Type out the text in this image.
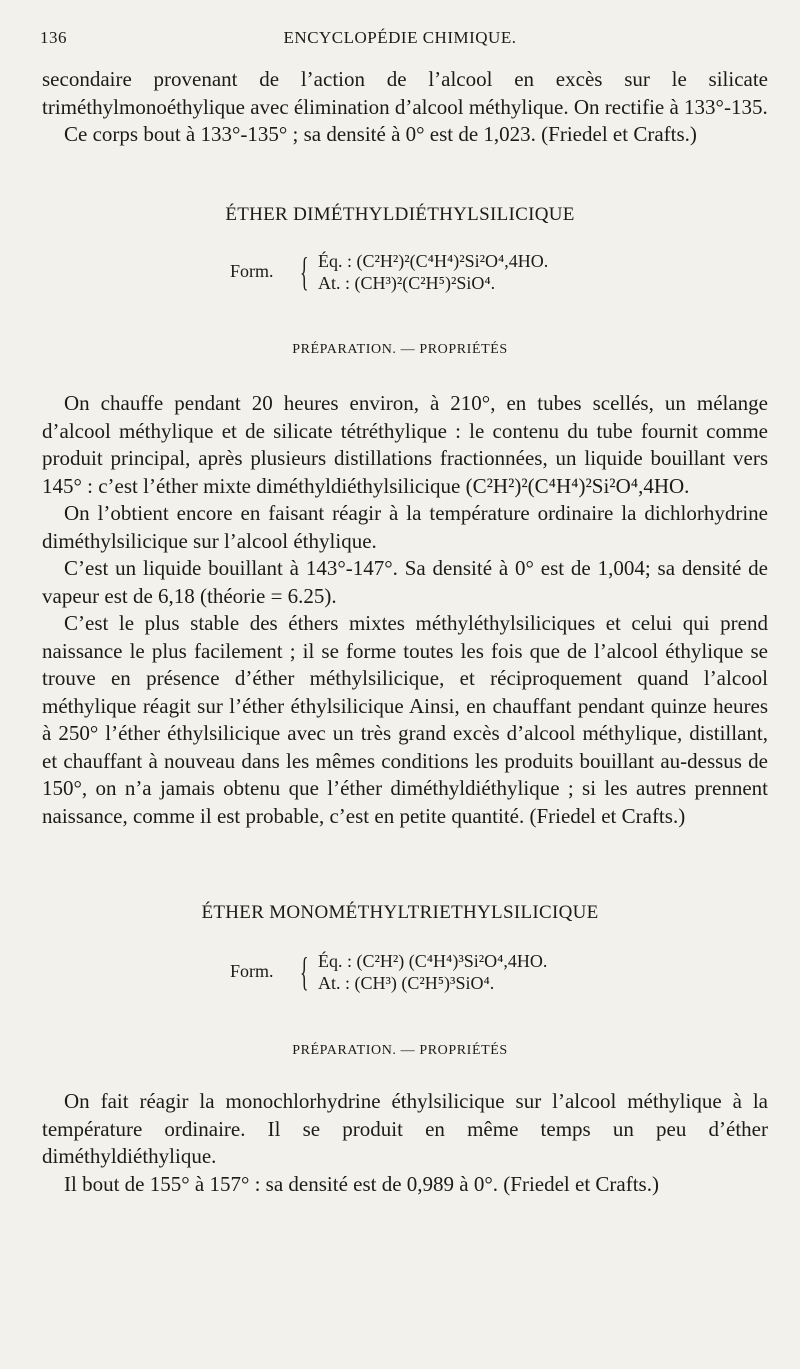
136	ENCYCLOPÉDIE CHIMIQUE.

secondaire provenant de l’action de l’alcool en excès sur le silicate triméthylmonoéthylique avec élimination d’alcool méthylique. On rectifie à 133°-135.

Ce corps bout à 133°-135° ; sa densité à 0° est de 1,023. (Friedel et Crafts.)

ÉTHER DIMÉTHYLDIÉTHYLSILICIQUE
Form. { Éq. : (C²H²)²(C⁴H⁴)²Si²O⁴,4HO.
At. : (CH³)²(C²H⁵)²SiO⁴.
PRÉPARATION. — PROPRIÉTÉS

On chauffe pendant 20 heures environ, à 210°, en tubes scellés, un mélange d’alcool méthylique et de silicate tétréthylique : le contenu du tube fournit comme produit principal, après plusieurs distillations fractionnées, un liquide bouillant vers 145° : c’est l’éther mixte diméthyldiéthylsilicique (C²H²)²(C⁴H⁴)²Si²O⁴,4HO.

On l’obtient encore en faisant réagir à la température ordinaire la dichlorhydrine diméthylsilicique sur l’alcool éthylique.

C’est un liquide bouillant à 143°-147°. Sa densité à 0° est de 1,004; sa densité de vapeur est de 6,18 (théorie = 6.25).

C’est le plus stable des éthers mixtes méthyléthylsiliciques et celui qui prend naissance le plus facilement ; il se forme toutes les fois que de l’alcool éthylique se trouve en présence d’éther méthylsilicique, et réciproquement quand l’alcool méthylique réagit sur l’éther éthylsilicique Ainsi, en chauffant pendant quinze heures à 250° l’éther éthylsilicique avec un très grand excès d’alcool méthylique, distillant, et chauffant à nouveau dans les mêmes conditions les produits bouillant au-dessus de 150°, on n’a jamais obtenu que l’éther diméthyldiéthylique ; si les autres prennent naissance, comme il est probable, c’est en petite quantité. (Friedel et Crafts.)

ÉTHER MONOMÉTHYLTRIETHYLSILICIQUE
Form. { Éq. : (C²H²) (C⁴H⁴)³Si²O⁴,4HO.
At. : (CH³) (C²H⁵)³SiO⁴.
PRÉPARATION. — PROPRIÉTÉS

On fait réagir la monochlorhydrine éthylsilicique sur l’alcool méthylique à la température ordinaire. Il se produit en même temps un peu d’éther diméthyldiéthylique.

Il bout de 155° à 157° : sa densité est de 0,989 à 0°. (Friedel et Crafts.)
